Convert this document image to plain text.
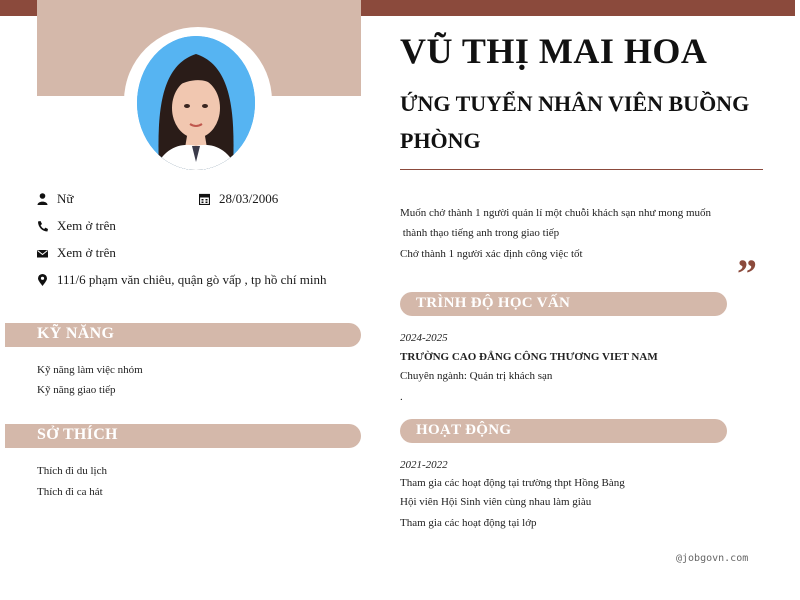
Nữ	28/03/2006
Xem ở trên
Xem ở trên
111/6 phạm văn chiêu, quận gò vấp , tp hồ chí minh
KỸ NĂNG
Kỹ năng làm việc nhóm
Kỹ năng giao tiếp
SỞ THÍCH
Thích đi du lịch
Thích đi ca hát
VŨ THỊ MAI HOA
ỨNG TUYỂN NHÂN VIÊN BUỒNG PHÒNG
Muốn chở thành 1 người quản lí một chuỗi khách sạn như mong muốn
thành thạo tiếng anh trong giao tiếp
Chở thành 1 người xác định công việc tốt	”
TRÌNH ĐỘ HỌC VẤN
2024-2025
TRƯỜNG CAO ĐẲNG CÔNG THƯƠNG VIET NAM
Chuyên ngành: Quản trị khách sạn
.
HOẠT ĐỘNG
2021-2022
Tham gia các hoạt động tại trường thpt Hồng Bàng
Hội viên Hội Sinh viên cùng nhau làm giàu
Tham gia các hoạt động tại lớp
@jobgovn.com
